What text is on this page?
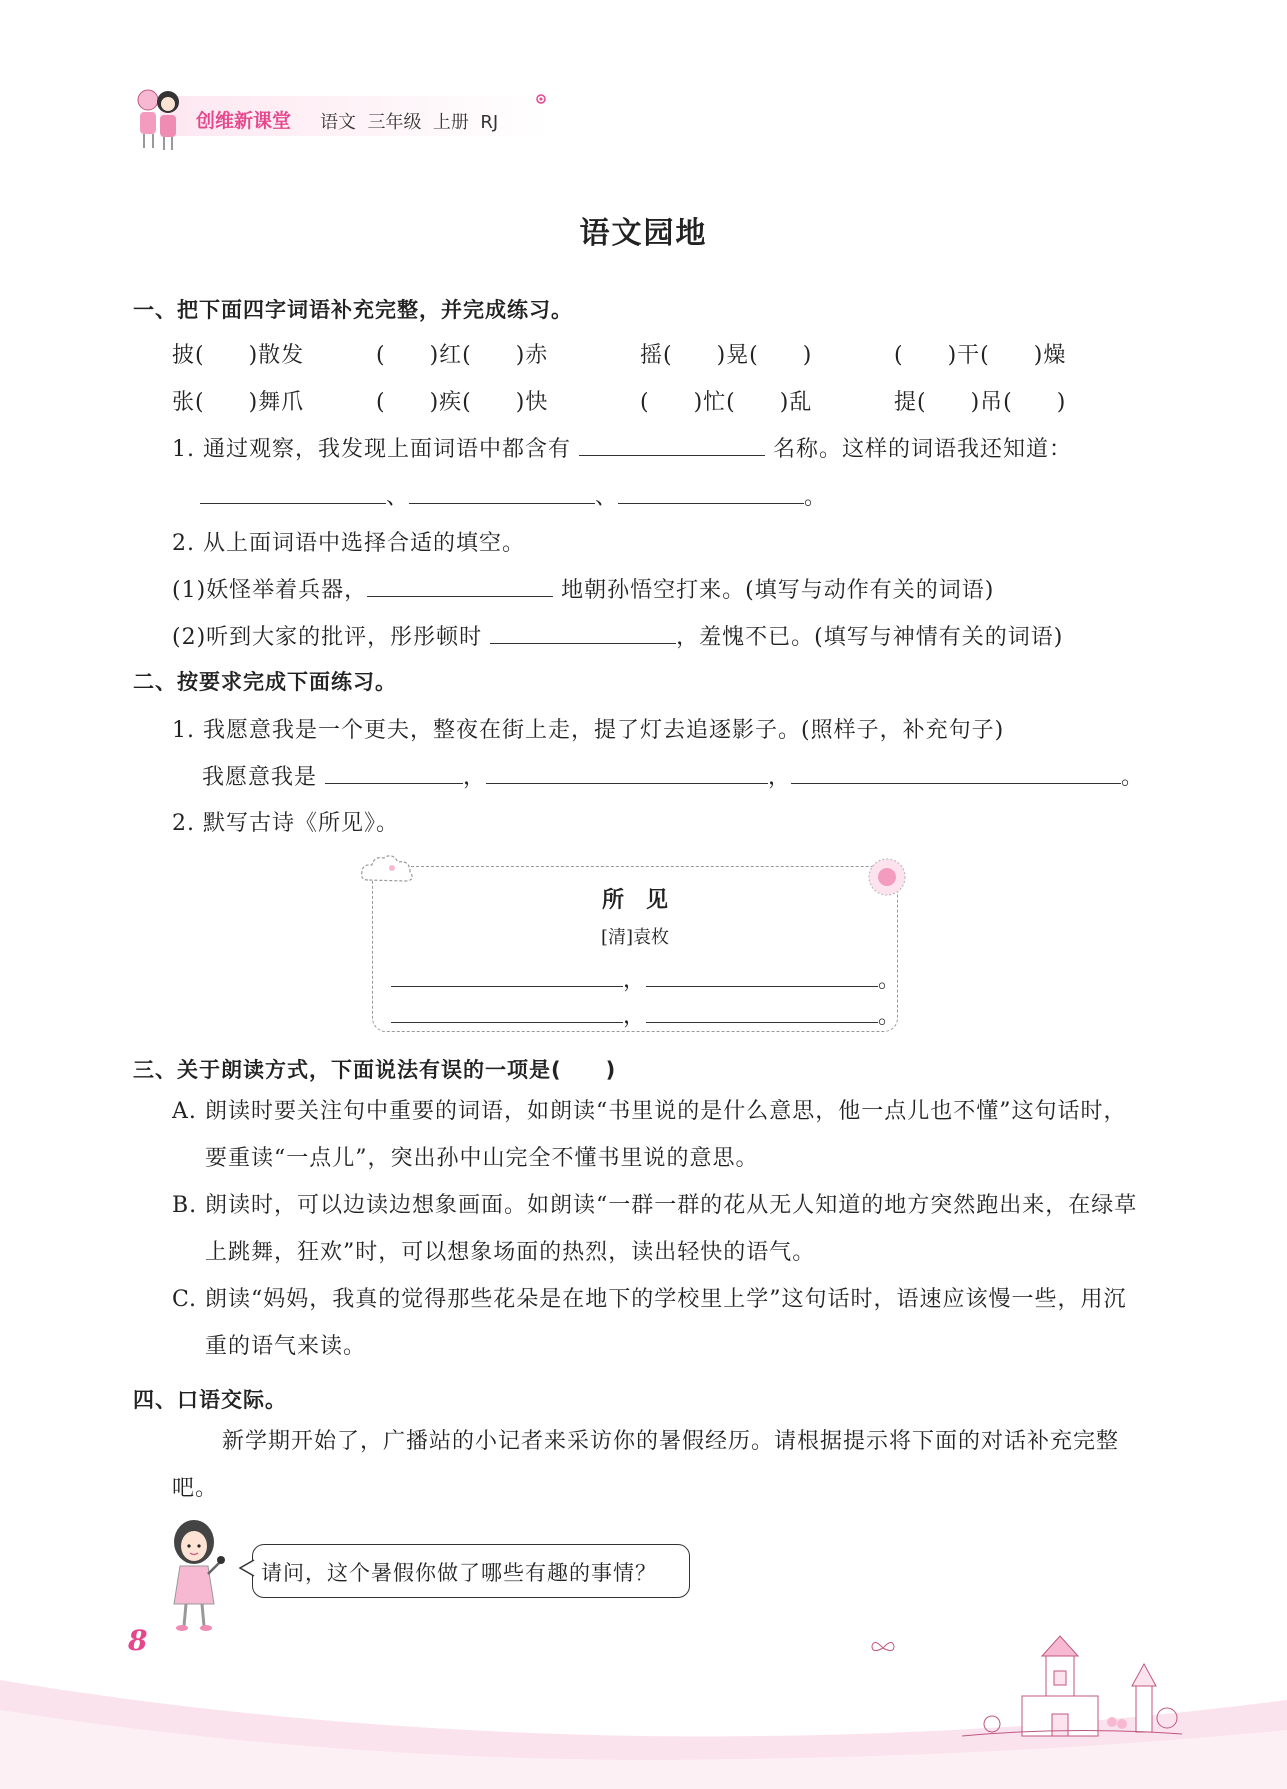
创维新课堂 语文  三年级  上册  RJ
语文园地
一、把下面四字词语补充完整，并完成练习。
披( )散发	( )红( )赤	摇( )晃( )	( )干( )燥
张( )舞爪	( )疾( )快	( )忙( )乱	提( )吊( )
1. 通过观察，我发现上面词语中都含有	名称。这样的词语我还知道：
、	、	。
2. 从上面词语中选择合适的填空。
(1)妖怪举着兵器，	地朝孙悟空打来。(填写与动作有关的词语)
(2)听到大家的批评，彤彤顿时	，羞愧不已。(填写与神情有关的词语)
二、按要求完成下面练习。
1. 我愿意我是一个更夫，整夜在街上走，提了灯去追逐影子。(照样子，补充句子)
我愿意我是	，	，	。
2. 默写古诗《所见》。
所　见
[清]袁枚
，	。
，	。
三、关于朗读方式，下面说法有误的一项是(　　)
A. 朗读时要关注句中重要的词语，如朗读“书里说的是什么意思，他一点儿也不懂”这句话时，要重读“一点儿”，突出孙中山完全不懂书里说的意思。
B. 朗读时，可以边读边想象画面。如朗读“一群一群的花从无人知道的地方突然跑出来，在绿草上跳舞，狂欢”时，可以想象场面的热烈，读出轻快的语气。
C. 朗读“妈妈，我真的觉得那些花朵是在地下的学校里上学”这句话时，语速应该慢一些，用沉重的语气来读。
四、口语交际。
新学期开始了，广播站的小记者来采访你的暑假经历。请根据提示将下面的对话补充完整吧。
请问，这个暑假你做了哪些有趣的事情？
8
